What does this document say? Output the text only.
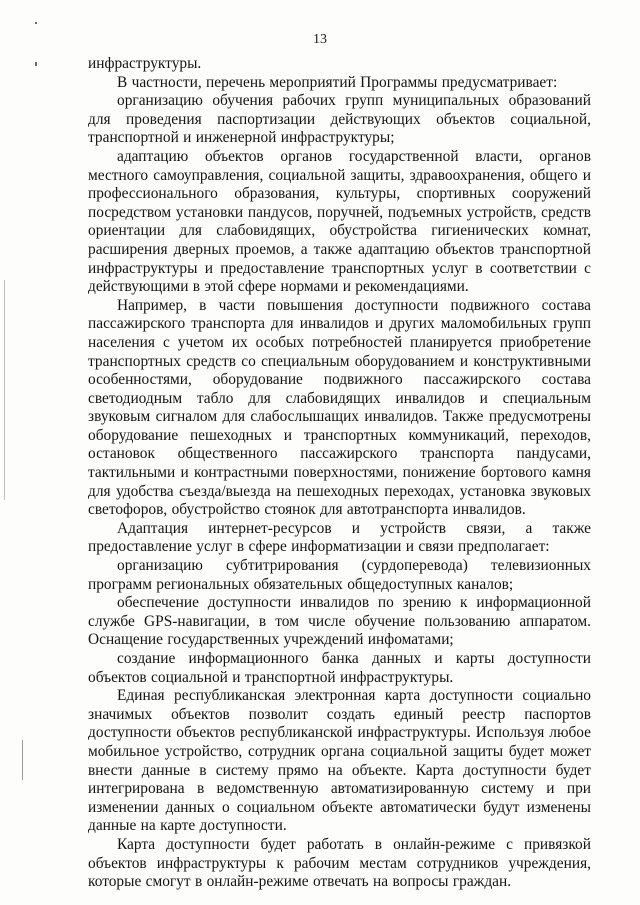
13

инфраструктуры.

В частности, перечень мероприятий Программы предусматривает:

организацию обучения рабочих групп муниципальных образований для проведения паспортизации действующих объектов социальной, транспортной и инженерной инфраструктуры;

адаптацию объектов органов государственной власти, органов местного самоуправления, социальной защиты, здравоохранения, общего и профессионального образования, культуры, спортивных сооружений посредством установки пандусов, поручней, подъемных устройств, средств ориентации для слабовидящих, обустройства гигиенических комнат, расширения дверных проемов, а также адаптацию объектов транспортной инфраструктуры и предоставление транспортных услуг в соответствии с действующими в этой сфере нормами и рекомендациями.

Например, в части повышения доступности подвижного состава пассажирского транспорта для инвалидов и других маломобильных групп населения с учетом их особых потребностей планируется приобретение транспортных средств со специальным оборудованием и конструктивными особенностями, оборудование подвижного пассажирского состава светодиодным табло для слабовидящих инвалидов и специальным звуковым сигналом для слабослышащих инвалидов. Также предусмотрены оборудование пешеходных и транспортных коммуникаций, переходов, остановок общественного пассажирского транспорта пандусами, тактильными и контрастными поверхностями, понижение бортового камня для удобства съезда/выезда на пешеходных переходах, установка звуковых светофоров, обустройство стоянок для автотранспорта инвалидов.

Адаптация интернет-ресурсов и устройств связи, а также предоставление услуг в сфере информатизации и связи предполагает:

организацию субтитрирования (сурдоперевода) телевизионных программ региональных обязательных общедоступных каналов;

обеспечение доступности инвалидов по зрению к информационной службе GPS-навигации, в том числе обучение пользованию аппаратом. Оснащение государственных учреждений инфоматами;

создание информационного банка данных и карты доступности объектов социальной и транспортной инфраструктуры.

Единая республиканская электронная карта доступности социально значимых объектов позволит создать единый реестр паспортов доступности объектов республиканской инфраструктуры. Используя любое мобильное устройство, сотрудник органа социальной защиты будет может внести данные в систему прямо на объекте. Карта доступности будет интегрирована в ведомственную автоматизированную систему и при изменении данных о социальном объекте автоматически будут изменены данные на карте доступности.

Карта доступности будет работать в онлайн-режиме с привязкой объектов инфраструктуры к рабочим местам сотрудников учреждения, которые смогут в онлайн-режиме отвечать на вопросы граждан.
